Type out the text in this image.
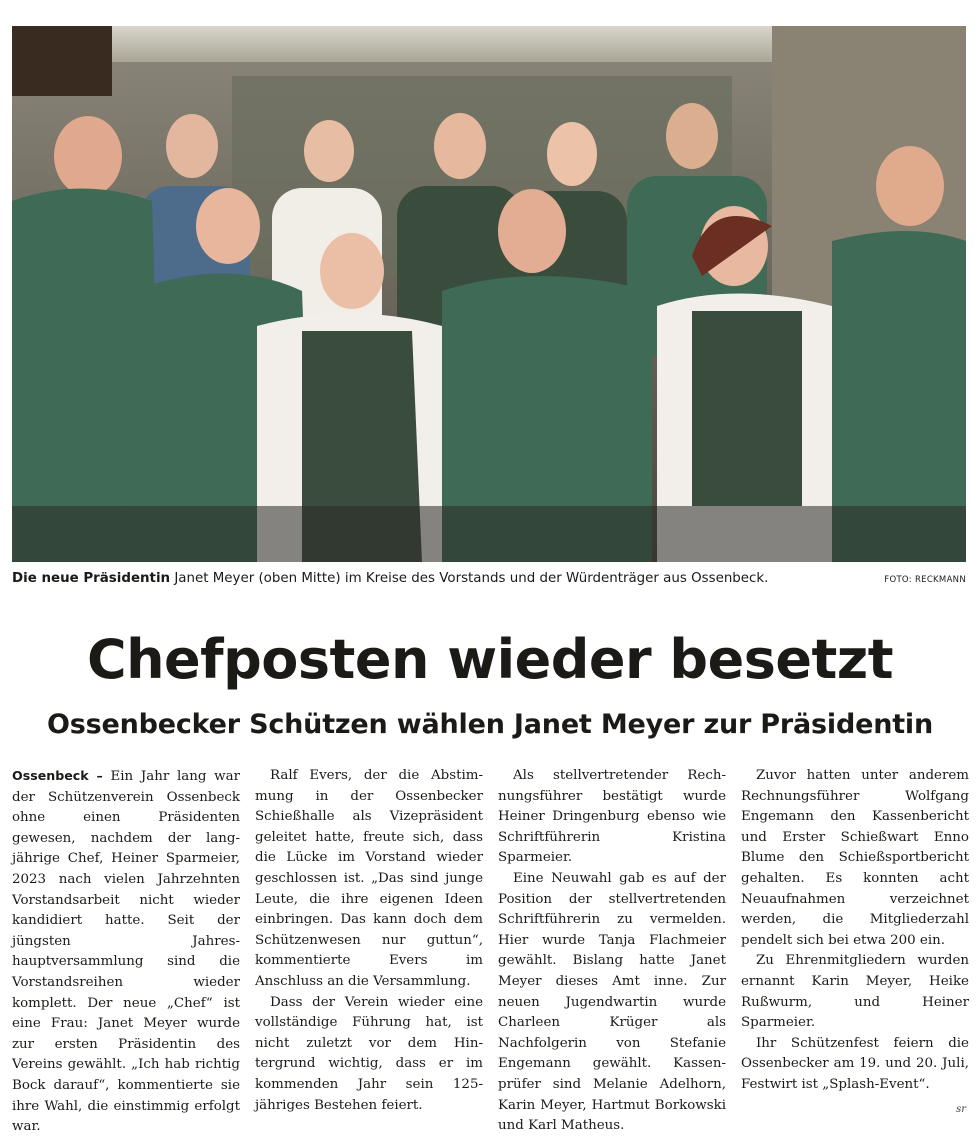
Die neue Präsidentin Janet Meyer (oben Mitte) im Kreise des Vorstands und der Würdenträger aus Ossenbeck.	FOTO: RECKMANN
Chefposten wieder besetzt
Ossenbecker Schützen wählen Janet Meyer zur Präsidentin

Ossenbeck – Ein Jahr lang war der Schützenverein Ossenbeck ohne einen Präsidenten gewesen, nachdem der langjährige Chef, Heiner Sparmeier, 2023 nach vielen Jahrzehnten Vorstandsarbeit nicht wieder kandidiert hatte. Seit der jüngsten Jahreshauptversammlung sind die Vorstandsreihen wieder komplett. Der neue „Chef“ ist eine Frau: Janet Meyer wurde zur ersten Präsidentin des Vereins gewählt. „Ich hab richtig Bock darauf“, kommentierte sie ihre Wahl, die einstimmig erfolgt war.

Ralf Evers, der die Abstimmung in der Ossenbecker Schießhalle als Vizepräsident geleitet hatte, freute sich, dass die Lücke im Vorstand wieder geschlossen ist. „Das sind junge Leute, die ihre eigenen Ideen einbringen. Das kann doch dem Schützenwesen nur guttun“, kommentierte Evers im Anschluss an die Versammlung.

Dass der Verein wieder eine vollständige Führung hat, ist nicht zuletzt vor dem Hintergrund wichtig, dass er im kommenden Jahr sein 125-jähriges Bestehen feiert.

Als stellvertretender Rechnungsführer bestätigt wurde Heiner Dringenburg ebenso wie Schriftführerin Kristina Sparmeier.

Eine Neuwahl gab es auf der Position der stellvertretenden Schriftführerin zu vermelden. Hier wurde Tanja Flachmeier gewählt. Bislang hatte Janet Meyer dieses Amt inne. Zur neuen Jugendwartin wurde Charleen Krüger als Nachfolgerin von Stefanie Engemann gewählt. Kassenprüfer sind Melanie Adelhorn, Karin Meyer, Hartmut Borkowski und Karl Matheus.

Zuvor hatten unter anderem Rechnungsführer Wolfgang Engemann den Kassenbericht und Erster Schießwart Enno Blume den Schießsportbericht gehalten. Es konnten acht Neuaufnahmen verzeichnet werden, die Mitgliederzahl pendelt sich bei etwa 200 ein.

Zu Ehrenmitgliedern wurden ernannt Karin Meyer, Heike Rußwurm, und Heiner Sparmeier.

Ihr Schützenfest feiern die Ossenbecker am 19. und 20. Juli, Festwirt ist „Splash-Event“.

sr
